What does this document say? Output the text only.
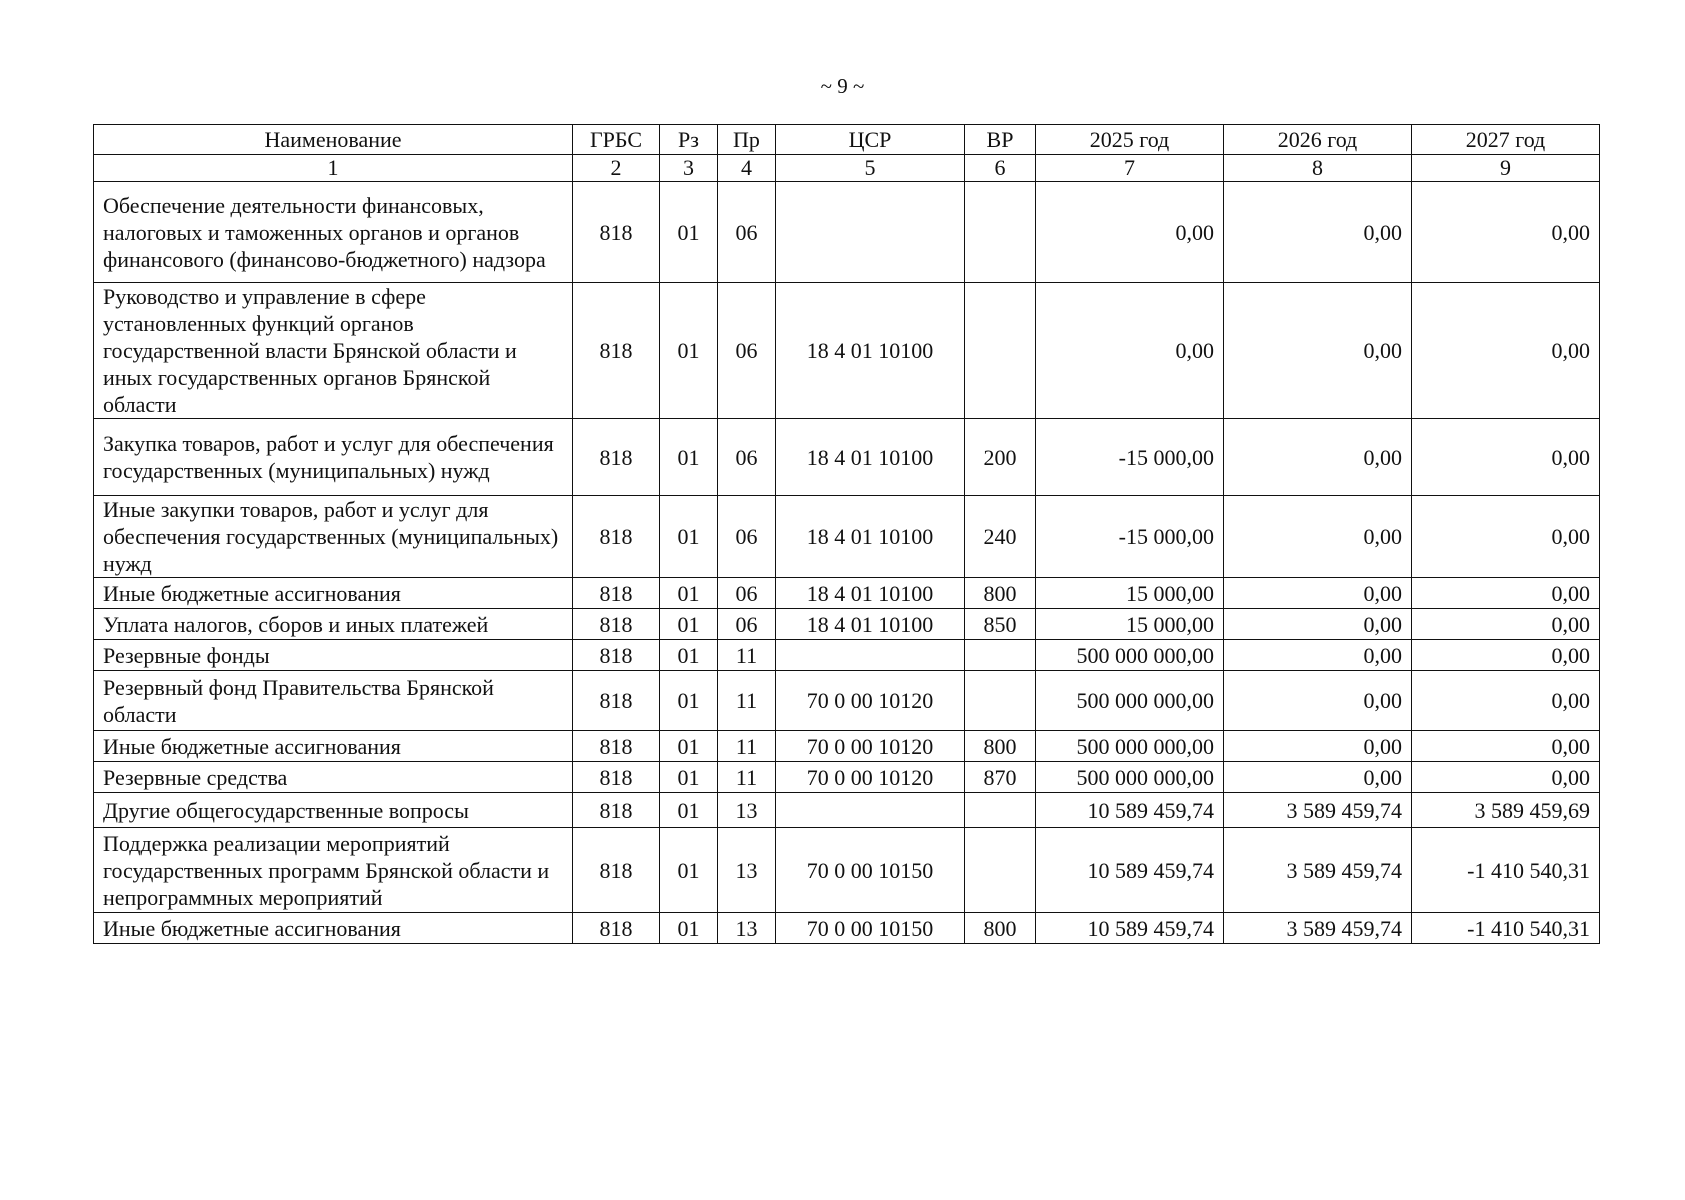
~ 9 ~
Наименование	ГРБС	Рз	Пр	ЦСР	ВР	2025 год	2026 год	2027 год
1	2	3	4	5	6	7	8	9
Обеспечение деятельности финансовых, налоговых и таможенных органов и органов финансового (финансово-бюджетного) надзора	818	01	06			0,00	0,00	0,00
Руководство и управление в сфере установленных функций органов государственной власти Брянской области и иных государственных органов Брянской области	818	01	06	18 4 01 10100		0,00	0,00	0,00
Закупка товаров, работ и услуг для обеспечения государственных (муниципальных) нужд	818	01	06	18 4 01 10100	200	-15 000,00	0,00	0,00
Иные закупки товаров, работ и услуг для обеспечения государственных (муниципальных) нужд	818	01	06	18 4 01 10100	240	-15 000,00	0,00	0,00
Иные бюджетные ассигнования	818	01	06	18 4 01 10100	800	15 000,00	0,00	0,00
Уплата налогов, сборов и иных платежей	818	01	06	18 4 01 10100	850	15 000,00	0,00	0,00
Резервные фонды	818	01	11			500 000 000,00	0,00	0,00
Резервный фонд Правительства Брянской области	818	01	11	70 0 00 10120		500 000 000,00	0,00	0,00
Иные бюджетные ассигнования	818	01	11	70 0 00 10120	800	500 000 000,00	0,00	0,00
Резервные средства	818	01	11	70 0 00 10120	870	500 000 000,00	0,00	0,00
Другие общегосударственные вопросы	818	01	13			10 589 459,74	3 589 459,74	3 589 459,69
Поддержка реализации мероприятий государственных программ Брянской области и непрограммных мероприятий	818	01	13	70 0 00 10150		10 589 459,74	3 589 459,74	-1 410 540,31
Иные бюджетные ассигнования	818	01	13	70 0 00 10150	800	10 589 459,74	3 589 459,74	-1 410 540,31
